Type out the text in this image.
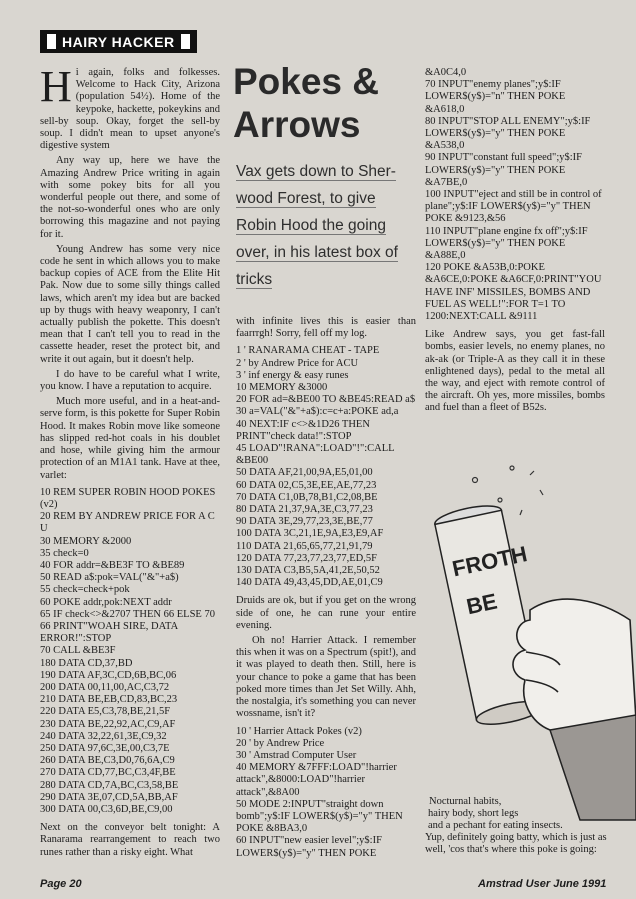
HAIRY HACKER

Hi again, folks and folkesses. Welcome to Hack City, Arizona (population 54½). Home of the keypoke, hackette, pokeykins and sell-by soup. Okay, forget the sell-by soup. I didn't mean to upset anyone's digestive system

Any way up, here we have the Amazing Andrew Price writing in again with some pokey bits for all you wonderful people out there, and some of the not-so-wonderful ones who are only borrowing this magazine and not paying for it.

Young Andrew has some very nice code he sent in which allows you to make backup copies of ACE from the Elite Hit Pak. Now due to some silly things called laws, which aren't my idea but are backed up by thugs with heavy weaponry, I can't actually publish the pokette. This doesn't mean that I can't tell you to read in the cassette header, reset the protect bit, and write it out again, but it doesn't help.

I do have to be careful what I write, you know. I have a reputation to acquire.

Much more useful, and in a heat-and-serve form, is this pokette for Super Robin Hood. It makes Robin move like someone has slipped red-hot coals in his doublet and hose, while giving him the armour protection of an M1A1 tank. Have at thee, varlet:

10 REM SUPER ROBIN HOOD POKES (v2)
20 REM BY ANDREW PRICE FOR A C U
30 MEMORY &2000
35 check=0
40 FOR addr=&BE3F TO &BE89
50 READ a$:pok=VAL("&"+a$)
55 check=check+pok
60 POKE addr,pok:NEXT addr
65 IF check<>&2707 THEN 66 ELSE 70
66 PRINT"WOAH SIRE, DATA ERROR!":STOP
70 CALL &BE3F
180 DATA CD,37,BD
190 DATA AF,3C,CD,6B,BC,06
200 DATA 00,11,00,AC,C3,72
210 DATA BE,EB,CD,83,BC,23
220 DATA E5,C3,78,BE,21,5F
230 DATA BE,22,92,AC,C9,AF
240 DATA 32,22,61,3E,C9,32
250 DATA 97,6C,3E,00,C3,7E
260 DATA BE,C3,D0,76,6A,C9
270 DATA CD,77,BC,C3,4F,BE
280 DATA CD,7A,BC,C3,58,BE
290 DATA 3E,07,CD,5A,BB,AF
300 DATA 00,C3,6D,BE,C9,00

Next on the conveyor belt tonight: A Ranarama rearrangement to reach two runes rather than a risky eight. What

Pokes &
Arrows
Vax gets down to Sher-
wood Forest, to give
Robin Hood the going
over, in his latest box of
tricks

with infinite lives this is easier than faarrrgh! Sorry, fell off my log.

1 ' RANARAMA CHEAT - TAPE
2 ' by Andrew Price for ACU
3 ' inf energy & easy runes
10 MEMORY &3000
20 FOR ad=&BE00 TO &BE45:READ a$
30 a=VAL("&"+a$):c=c+a:POKE ad,a
40 NEXT:IF c<>&1D26 THEN PRINT"check data!":STOP
45 LOAD"!RANA":LOAD"!":CALL &BE00
50 DATA AF,21,00,9A,E5,01,00
60 DATA 02,C5,3E,EE,AE,77,23
70 DATA C1,0B,78,B1,C2,08,BE
80 DATA 21,37,9A,3E,C3,77,23
90 DATA 3E,29,77,23,3E,BE,77
100 DATA 3C,21,1E,9A,E3,E9,AF
110 DATA 21,65,65,77,21,91,79
120 DATA 77,23,77,23,77,ED,5F
130 DATA C3,B5,5A,41,2E,50,52
140 DATA 49,43,45,DD,AE,01,C9

Druids are ok, but if you get on the wrong side of one, he can rune your entire evening.

Oh no! Harrier Attack. I remember this when it was on a Spectrum (spit!), and it was played to death then. Still, here is your chance to poke a game that has been poked more times than Jet Set Willy. Ahh, the nostalgia, it's something you can never wossname, isn't it?

10 ' Harrier Attack Pokes (v2)
20 ' by Andrew Price
30 ' Amstrad Computer User
40 MEMORY &7FFF:LOAD"!harrier attack",&8000:LOAD"!harrier attack",&8A00
50 MODE 2:INPUT"straight down bomb";y$:IF LOWER$(y$)="y" THEN POKE &8BA3,0
60 INPUT"new easier level";y$:IF LOWER$(y$)="y" THEN POKE
&A0C4,0
70 INPUT"enemy planes";y$:IF LOWER$(y$)="n" THEN POKE &A618,0
80 INPUT"STOP ALL ENEMY";y$:IF LOWER$(y$)="y" THEN POKE &A538,0
90 INPUT"constant full speed";y$:IF LOWER$(y$)="y" THEN POKE &A7BE,0
100 INPUT"eject and still be in control of plane";y$:IF LOWER$(y$)="y" THEN POKE &9123,&56
110 INPUT"plane engine fx off";y$:IF LOWER$(y$)="y" THEN POKE &A88E,0
120 POKE &A53B,0:POKE &A6CE,0:POKE &A6CF,0:PRINT"YOU HAVE INF' MISSILES, BOMBS AND FUEL AS WELL!":FOR T=1 TO 1200:NEXT:CALL &9111

Like Andrew says, you get fast-fall bombs, easier levels, no enemy planes, no ak-ak (or Triple-A as they call it in these enlightened days), pedal to the metal all the way, and eject with remote control of the aircraft. Oh yes, more missiles, bombs and fuel than a fleet of B52s.

FROTH
BE
Nocturnal habits,
hairy body, short legs
and a pechant for eating insects.
Yup, definitely going batty, which is just as well, 'cos that's where this poke is going:
Page 20	Amstrad User June 1991
